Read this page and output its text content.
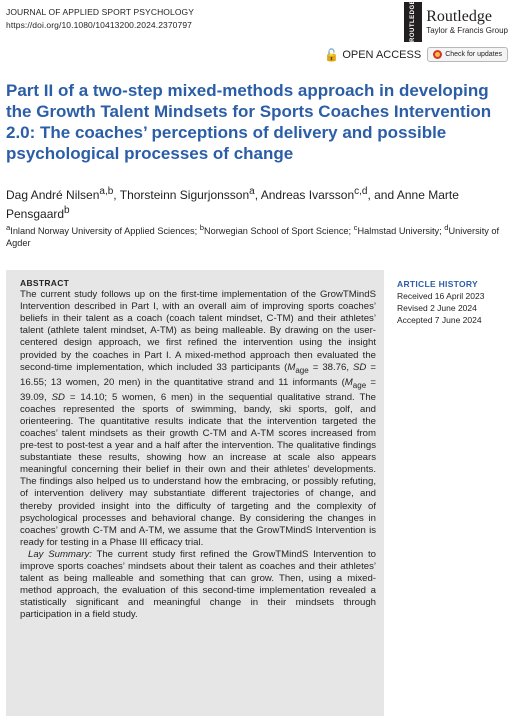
JOURNAL OF APPLIED SPORT PSYCHOLOGY
https://doi.org/10.1080/10413200.2024.2370797	ROUTLEDGE Routledge
Taylor & Francis Group
🔓 OPEN ACCESS	Check for updates
Part II of a two-step mixed-methods approach in developing the Growth Talent Mindsets for Sports Coaches Intervention 2.0: The coaches’ perceptions of delivery and possible psychological processes of change
Dag André Nilsen$^{a,b}$, Thorsteinn Sigurjonsson$^a$, Andreas Ivarsson$^{c,d}$, and Anne Marte Pensgaard$^b$
$^a$Inland Norway University of Applied Sciences; $^b$Norwegian School of Sport Science; $^c$Halmstad University; $^d$University of Agder
ABSTRACT

The current study follows up on the first-time implementation of the GrowTMindS Intervention described in Part I, with an overall aim of improving sports coaches’ beliefs in their talent as a coach (coach talent mindset, C-TM) and their athletes’ talent (athlete talent mindset, A-TM) as being malleable. By drawing on the user-centered design approach, we first refined the intervention using the insight provided by the coaches in Part I. A mixed-method approach then evaluated the second-time implementation, which included 33 participants ($M_{age} = 38.76$, SD = 16.55; 13 women, 20 men) in the quantitative strand and 11 informants ($M_{age} = 39.09$, SD = 14.10; 5 women, 6 men) in the sequential qualitative strand. The coaches represented the sports of swimming, bandy, ski sports, golf, and orienteering. The quantitative results indicate that the intervention targeted the coaches’ talent mindsets as their growth C-TM and A-TM scores increased from pre-test to post-test a year and a half after the intervention. The qualitative findings substantiate these results, showing how an increase at scale also appears meaningful concerning their belief in their own and their athletes’ developments. The findings also helped us to understand how the embracing, or possibly refuting, of intervention delivery may substantiate different trajectories of change, and thereby provided insight into the difficulty of targeting and the complexity of psychological processes and behavioral change. By considering the changes in coaches’ growth C-TM and A-TM, we assume that the GrowTMindS Intervention is ready for testing in a Phase III efficacy trial.

Lay Summary: The current study first refined the GrowTMindS Intervention to improve sports coaches’ mindsets about their talent as coaches and their athletes’ talent as being malleable and something that can grow. Then, using a mixed-method approach, the evaluation of this second-time implementation revealed a statistically significant and meaningful change in their mindsets through participation in a field study.

ARTICLE HISTORY
Received 16 April 2023
Revised 2 June 2024
Accepted 7 June 2024
